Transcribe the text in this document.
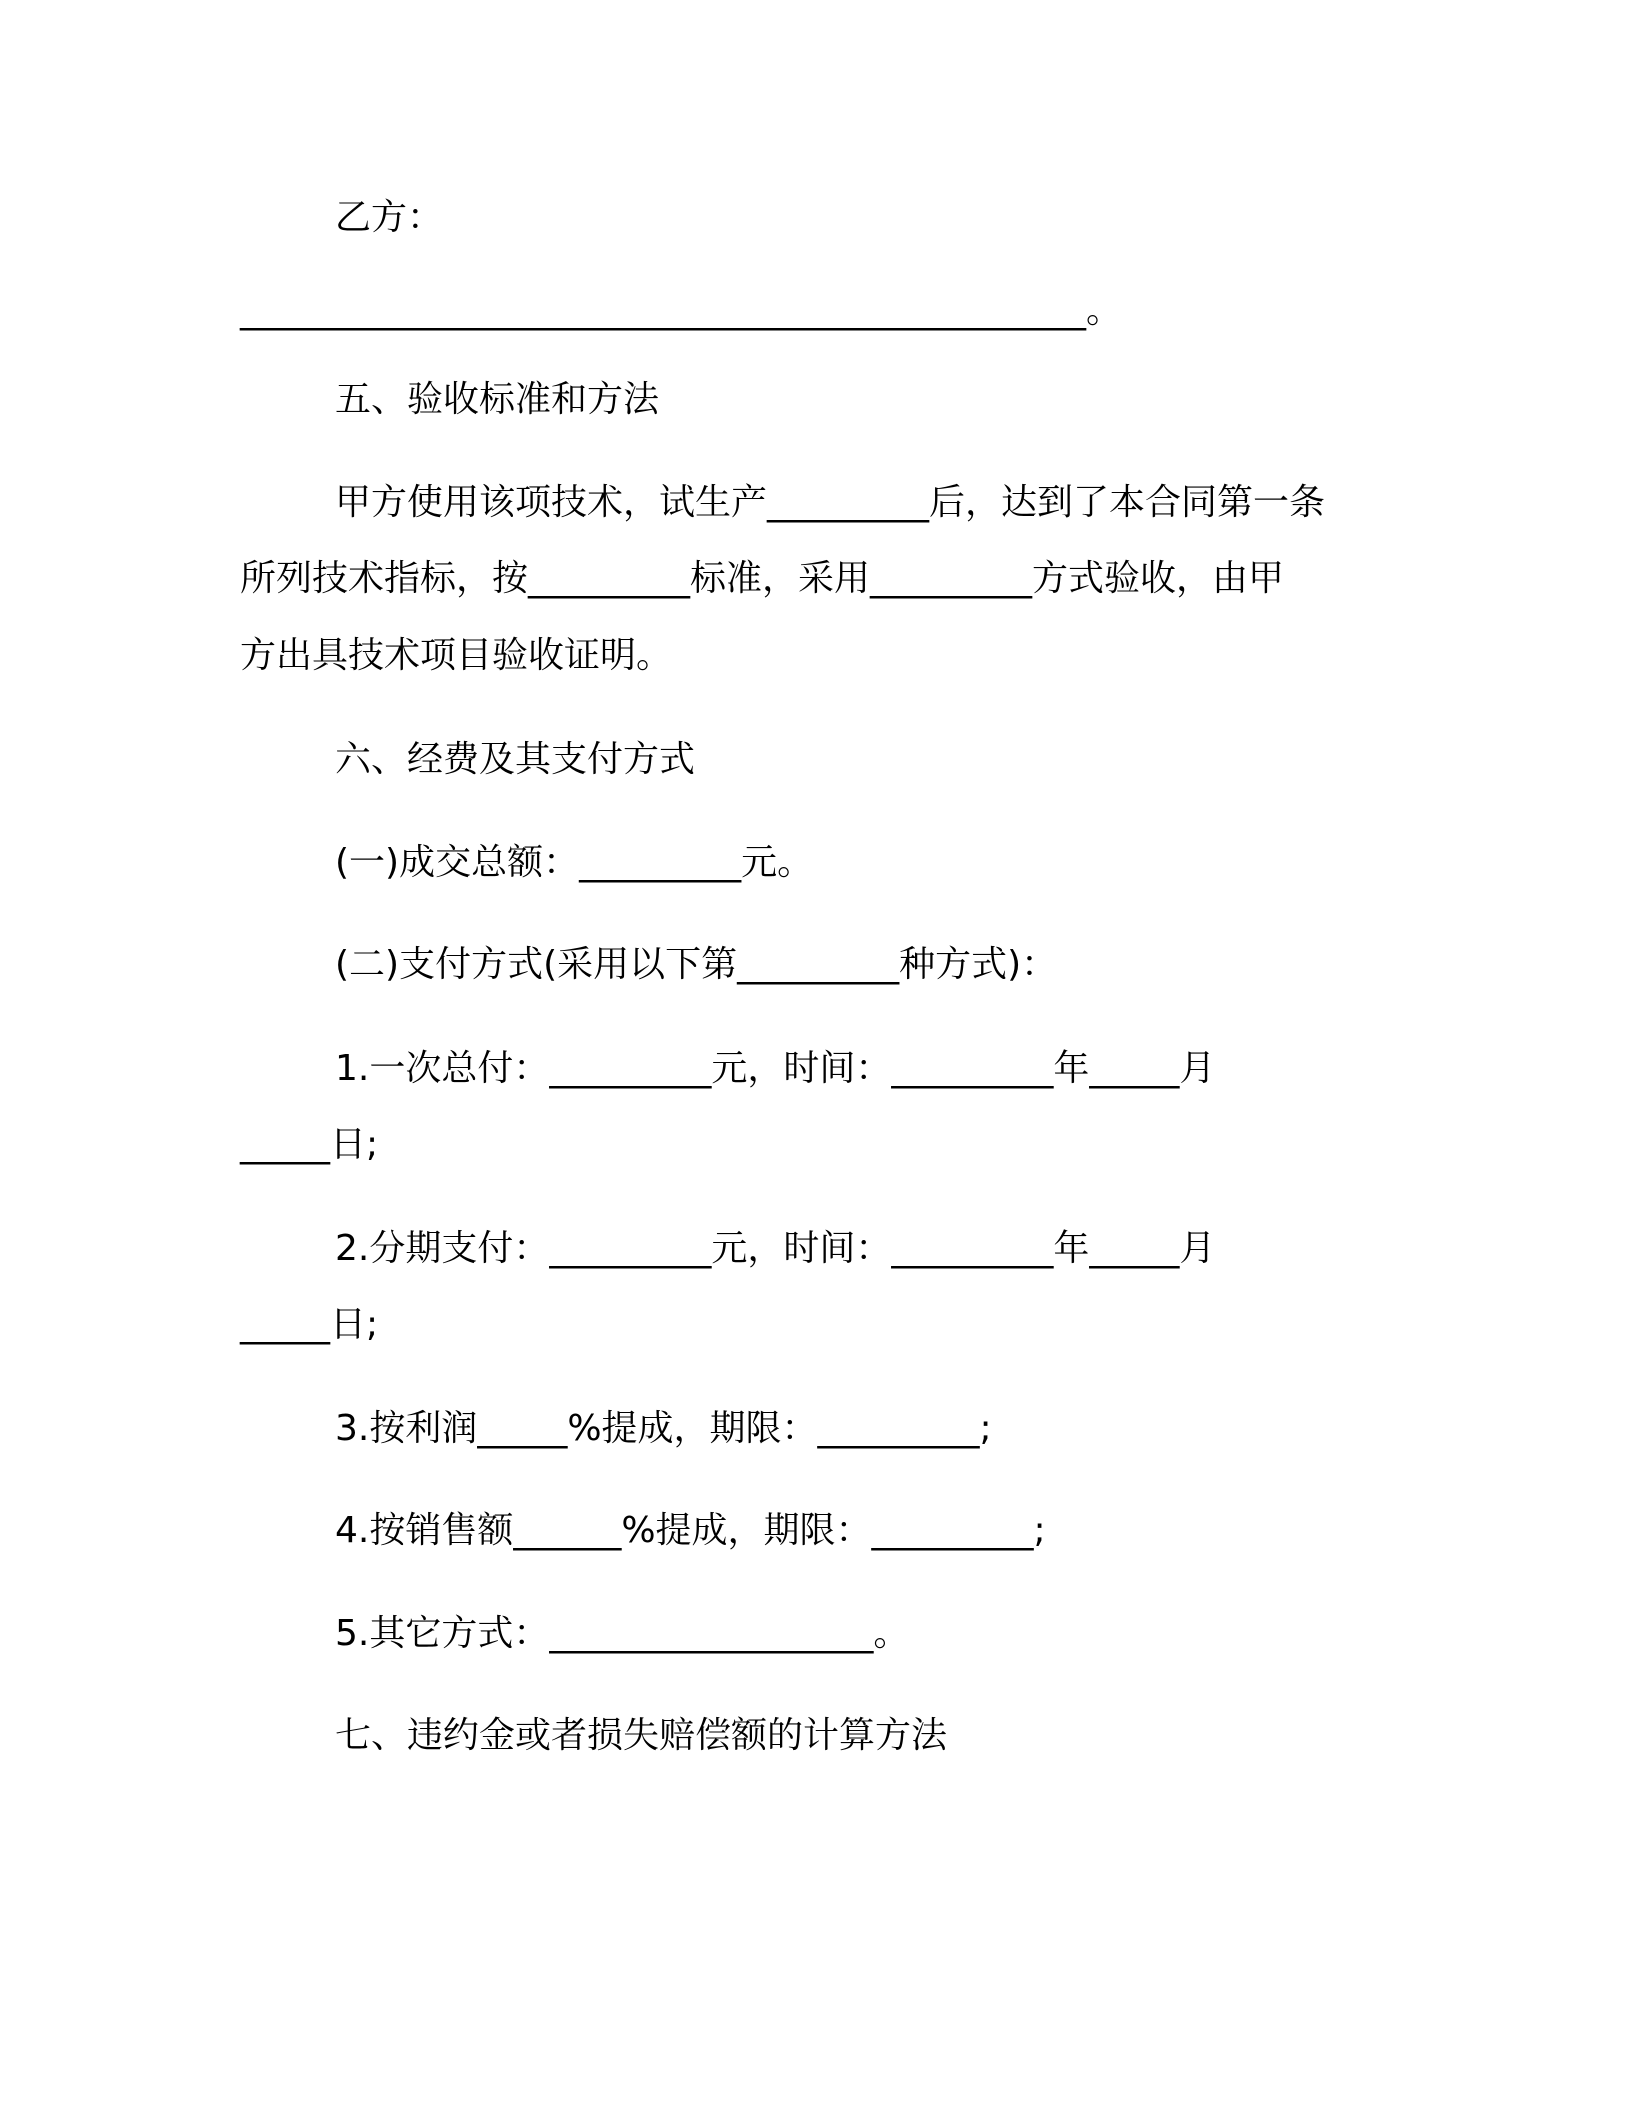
乙方：
_______________________________________________。
五、验收标准和方法
甲方使用该项技术，试生产_________后，达到了本合同第一条
所列技术指标，按_________标准，采用_________方式验收，由甲
方出具技术项目验收证明。
六、经费及其支付方式
(一)成交总额：_________元。
(二)支付方式(采用以下第_________种方式)：
1.一次总付：_________元，时间：_________年_____月
_____日;
2.分期支付：_________元，时间：_________年_____月
_____日;
3.按利润_____%提成，期限：_________;
4.按销售额______%提成，期限：_________;
5.其它方式：__________________。
七、违约金或者损失赔偿额的计算方法
